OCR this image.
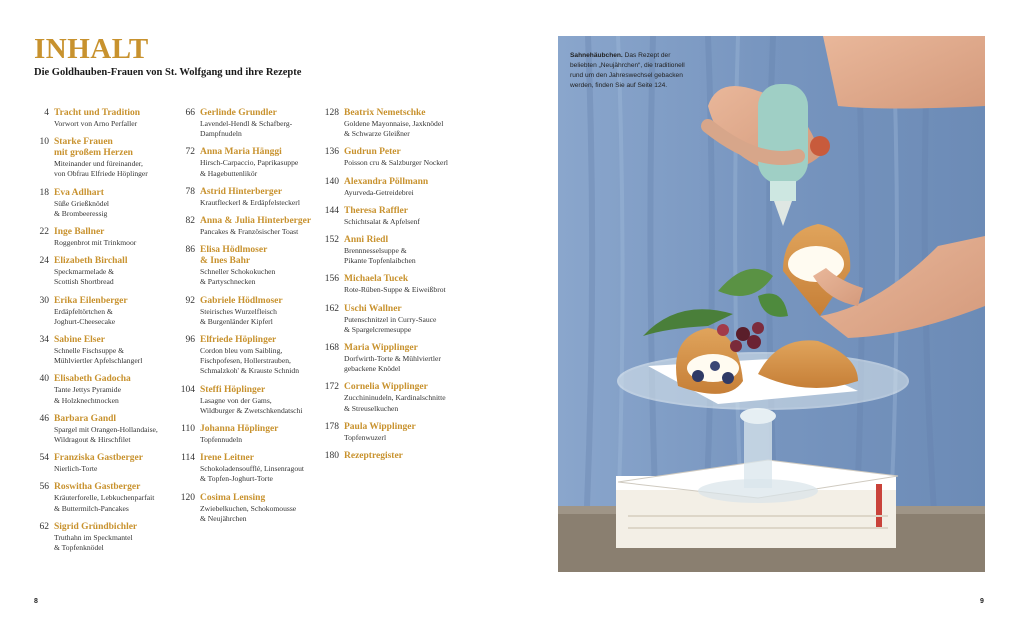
INHALT

Die Goldhauben-Frauen von St. Wolfgang und ihre Rezepte

4 Tracht und Tradition
Vorwort von Arno Perfaller
10 Starke Frauen
mit großem Herzen
Miteinander und füreinander,
von Obfrau Elfriede Höplinger
18 Eva Adlhart
Süße Grießknödel
& Brombeeressig
22 Inge Ballner
Roggenbrot mit Trinkmoor
24 Elizabeth Birchall
Speckmarmelade &
Scottish Shortbread
30 Erika Eilenberger
Erdäpfeltörtchen &
Joghurt-Cheesecake
34 Sabine Elser
Schnelle Fischsuppe &
Mühlviertler Apfelschlangerl
40 Elisabeth Gadocha
Tante Jettys Pyramide
& Holzknechtnocken
46 Barbara Gandl
Spargel mit Orangen-Hollandaise,
Wildragout & Hirschfilet
54 Franziska Gastberger
Nierlich-Torte
56 Roswitha Gastberger
Kräuterforelle, Lebkuchenparfait
& Buttermilch-Pancakes
62 Sigrid Gründbichler
Truthahn im Speckmantel
& Topfenknödel
66 Gerlinde Grundler
Lavendel-Hendl & Schafberg-
Dampfnudeln
72 Anna Maria Hänggi
Hirsch-Carpaccio, Paprikasuppe
& Hagebuttenlikör
78 Astrid Hinterberger
Krautfleckerl & Erdäpfelsteckerl
82 Anna & Julia Hinterberger
Pancakes & Französischer Toast
86 Elisa Hödlmoser
& Ines Bahr
Schneller Schokokuchen
& Partyschnecken
92 Gabriele Hödlmoser
Steirisches Wurzelfleisch
& Burgenländer Kipferl
96 Elfriede Höplinger
Cordon bleu vom Saibling,
Fischpofesen, Hollerstrauben,
Schmalzkoh' & Krauste Schnidn
104 Steffi Höplinger
Lasagne von der Gams,
Wildburger & Zwetschkendatschi
110 Johanna Höplinger
Topfennudeln
114 Irene Leitner
Schokoladensoufflé, Linsenragout
& Topfen-Joghurt-Torte
120 Cosima Lensing
Zwiebelkuchen, Schokomousse
& Neujährchen
128 Beatrix Nemetschke
Goldene Mayonnaise, Jaxknödel
& Schwarze Gleißner
136 Gudrun Peter
Poisson cru & Salzburger Nockerl
140 Alexandra Pöllmann
Ayurveda-Getreidebrei
144 Theresa Raffler
Schichtsalat & Apfelsenf
152 Anni Riedl
Brennnesselsuppe &
Pikante Topfenlaibchen
156 Michaela Tucek
Rote-Rüben-Suppe & Eiweißbrot
162 Uschi Wallner
Putenschnitzel in Curry-Sauce
& Spargelcremesuppe
168 Maria Wipplinger
Dorfwirth-Torte & Mühlviertler
gebackene Knödel
172 Cornelia Wipplinger
Zucchininudeln, Kardinalschnitte
& Streuselkuchen
178 Paula Wipplinger
Topfenwuzerl
180 Rezeptregister

Sahnehäubchen. Das Rezept der beliebten „Neujährchen“, die traditionell rund um den Jahreswechsel gebacken werden, finden Sie auf Seite 124.

8	9
